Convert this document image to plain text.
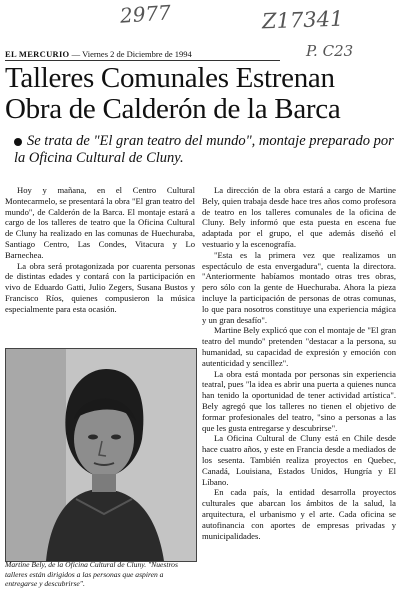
2977	Z17341
P. C23
EL MERCURIO — Viernes 2 de Diciembre de 1994
Talleres Comunales Estrenan Obra de Calderón de la Barca
Se trata de "El gran teatro del mundo", montaje preparado por la Oficina Cultural de Cluny.

Hoy y mañana, en el Centro Cultural Montecarmelo, se presentará la obra "El gran teatro del mundo", de Calderón de la Barca. El montaje estará a cargo de los talleres de teatro que la Oficina Cultural de Cluny ha realizado en las comunas de Huechuraba, Santiago Centro, Las Condes, Vitacura y Lo Barnechea.

La obra será protagonizada por cuarenta personas de distintas edades y contará con la participación en vivo de Eduardo Gatti, Julio Zegers, Susana Bustos y Francisco Ríos, quienes compusieron la música especialmente para esta ocasión.

Martine Bely, de la Oficina Cultural de Cluny. "Nuestros talleres están dirigidos a las personas que aspiren a entregarse y descubrirse".

La dirección de la obra estará a cargo de Martine Bely, quien trabaja desde hace tres años como profesora de teatro en los talleres comunales de la oficina de Cluny. Bely informó que esta puesta en escena fue adaptada por el grupo, el que además diseñó el vestuario y la escenografía.

"Esta es la primera vez que realizamos un espectáculo de esta envergadura", cuenta la directora. "Anteriormente habíamos montado otras tres obras, pero sólo con la gente de Huechuraba. Ahora la pieza incluye la participación de personas de otras comunas, lo que para nosotros constituye una experiencia mágica y un gran desafío".

Martine Bely explicó que con el montaje de "El gran teatro del mundo" pretenden "destacar a la persona, su humanidad, su capacidad de expresión y emoción con autenticidad y sencillez".

La obra está montada por personas sin experiencia teatral, pues "la idea es abrir una puerta a quienes nunca han tenido la oportunidad de tener actividad artística". Bely agregó que los talleres no tienen el objetivo de formar profesionales del teatro, "sino a personas a las que les gusta entregarse y descubrirse".

La Oficina Cultural de Cluny está en Chile desde hace cuatro años, y este en Francia desde a mediados de los sesenta. También realiza proyectos en Quebec, Canadá, Louisiana, Estados Unidos, Hungría y El Líbano.

En cada país, la entidad desarrolla proyectos culturales que abarcan los ámbitos de la salud, la arquitectura, el urbanismo y el arte. Cada oficina se autofinancia con aportes de empresas privadas y municipalidades.
